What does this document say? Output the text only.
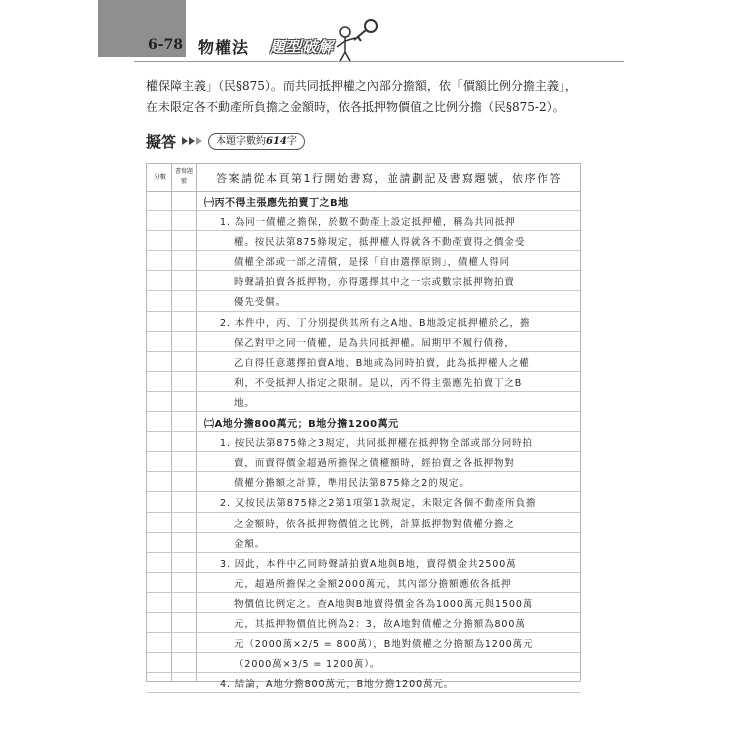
6-78 物權法 題型破解

權保障主義」（民§875）。而共同抵押權之內部分擔額，依「價額比例分擔主義」，

在未限定各不動產所負擔之金額時，依各抵押物價值之比例分擔（民§875-2）。

擬答	本題字數約614字
分數
書寫題號	答案請從本頁第1行開始書寫，並請劃記及書寫題號，依序作答
㈠丙不得主張應先拍賣丁之B地
1. 為同一債權之擔保，於數不動產上設定抵押權，稱為共同抵押
權。按民法第875條規定，抵押權人得就各不動產賣得之價金受
債權全部或一部之清償，是採「自由選擇原則」，債權人得同
時聲請拍賣各抵押物，亦得選擇其中之一宗或數宗抵押物拍賣
優先受償。
2. 本件中，丙、丁分別提供其所有之A地、B地設定抵押權於乙，擔
保乙對甲之同一債權，是為共同抵押權。屆期甲不履行債務，
乙自得任意選擇拍賣A地、B地或為同時拍賣，此為抵押權人之權
利，不受抵押人指定之限制。是以，丙不得主張應先拍賣丁之B
地。
㈡A地分擔800萬元；B地分擔1200萬元
1. 按民法第875條之3規定，共同抵押權在抵押物全部或部分同時拍
賣，而賣得價金超過所擔保之債權額時，經拍賣之各抵押物對
債權分擔額之計算，準用民法第875條之2的規定。
2. 又按民法第875條之2第1項第1款規定，未限定各個不動產所負擔
之金額時，依各抵押物價值之比例，計算抵押物對債權分擔之
金額。
3. 因此，本件中乙同時聲請拍賣A地與B地，賣得價金共2500萬
元，超過所擔保之金額2000萬元，其內部分擔額應依各抵押
物價值比例定之。查A地與B地賣得價金各為1000萬元與1500萬
元，其抵押物價值比例為2：3，故A地對債權之分擔額為800萬
元（2000萬×2/5 = 800萬），B地對債權之分擔額為1200萬元
（2000萬×3/5 = 1200萬）。
4. 結論，A地分擔800萬元，B地分擔1200萬元。
